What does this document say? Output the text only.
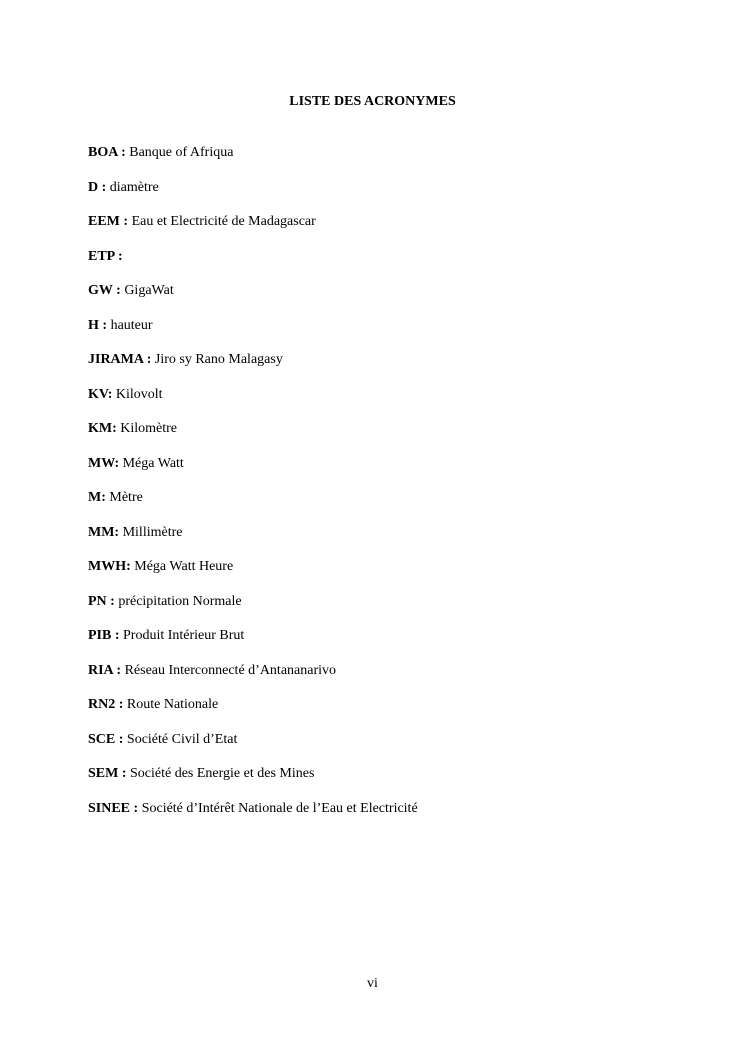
LISTE DES ACRONYMES
BOA : Banque of Afriqua
D : diamètre
EEM : Eau et Electricité de Madagascar
ETP :
GW : GigaWat
H : hauteur
JIRAMA : Jiro sy Rano Malagasy
KV: Kilovolt
KM: Kilomètre
MW: Méga Watt
M: Mètre
MM: Millimètre
MWH: Méga Watt Heure
PN : précipitation Normale
PIB : Produit Intérieur Brut
RIA : Réseau Interconnecté d’Antananarivo
RN2 : Route Nationale
SCE : Société Civil d’Etat
SEM : Société des Energie et des Mines
SINEE : Société d’Intérêt Nationale de l’Eau et Electricité
vi
